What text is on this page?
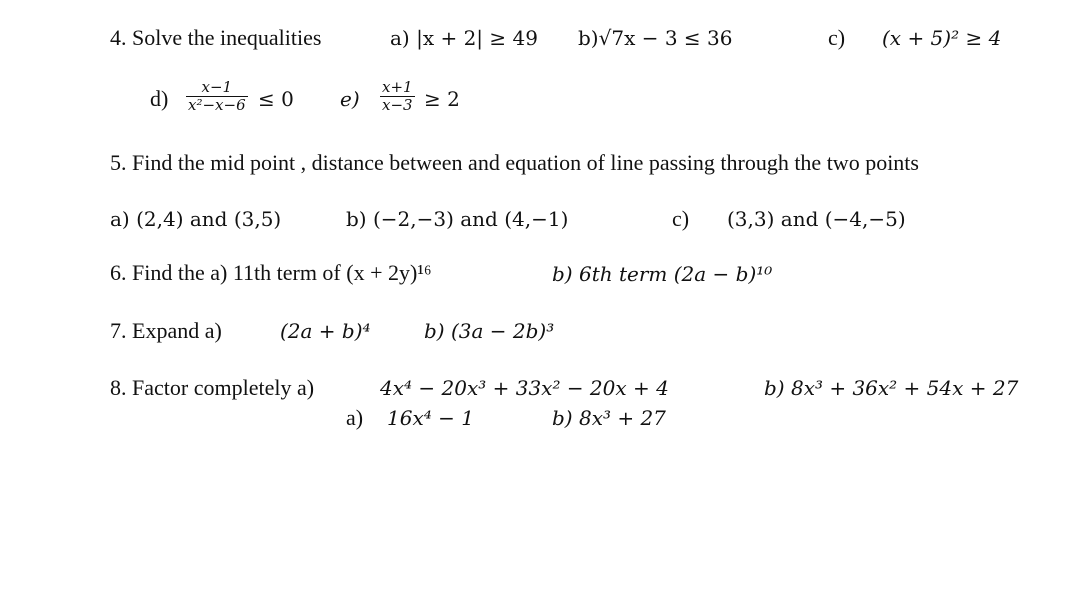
4. Solve the inequalities	a) |x + 2| ≥ 49 b)√7x − 3 ≤ 36	c) (x + 5)² ≥ 4
d)	x−1
x²−x−6 ≤ 0 e) x+1
x−3 ≥ 2
5. Find the mid point , distance between and equation of line passing through the two points
a) (2,4) and (3,5)	b) (−2,−3) and (4,−1)	c) (3,3) and (−4,−5)
6. Find the a) 11th term of (x + 2y)¹⁶	b) 6th term (2a − b)¹⁰
7. Expand a)	(2a + b)⁴	b) (3a − 2b)³
8. Factor completely a)	4x⁴ − 20x³ + 33x² − 20x + 4	b) 8x³ + 36x² + 54x + 27
a) 16x⁴ − 1	b) 8x³ + 27
